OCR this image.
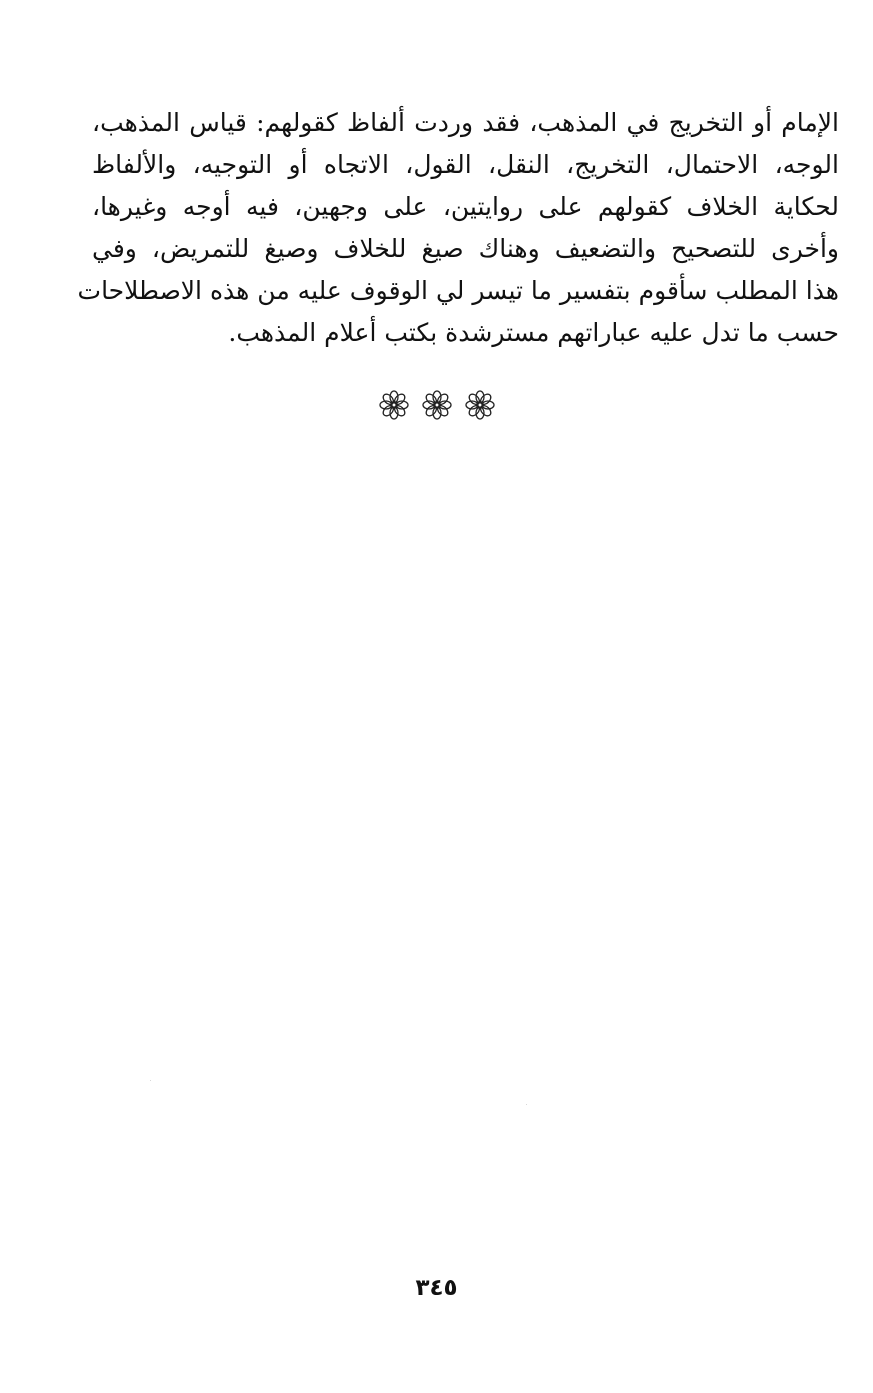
الإمام أو التخريج في المذهب، فقد وردت ألفاظ كقولهم: قياس المذهب،
الوجه، الاحتمال، التخريج، النقل، القول، الاتجاه أو التوجيه، والألفاظ
لحكاية الخلاف كقولهم على روايتين، على وجهين، فيه أوجه وغيرها،
وأخرى للتصحيح والتضعيف وهناك صيغ للخلاف وصيغ للتمريض، وفي
هذا المطلب سأقوم بتفسير ما تيسر لي الوقوف عليه من هذه الاصطلاحات
حسب ما تدل عليه عباراتهم مسترشدة بكتب أعلام المذهب.
٣٤٥
